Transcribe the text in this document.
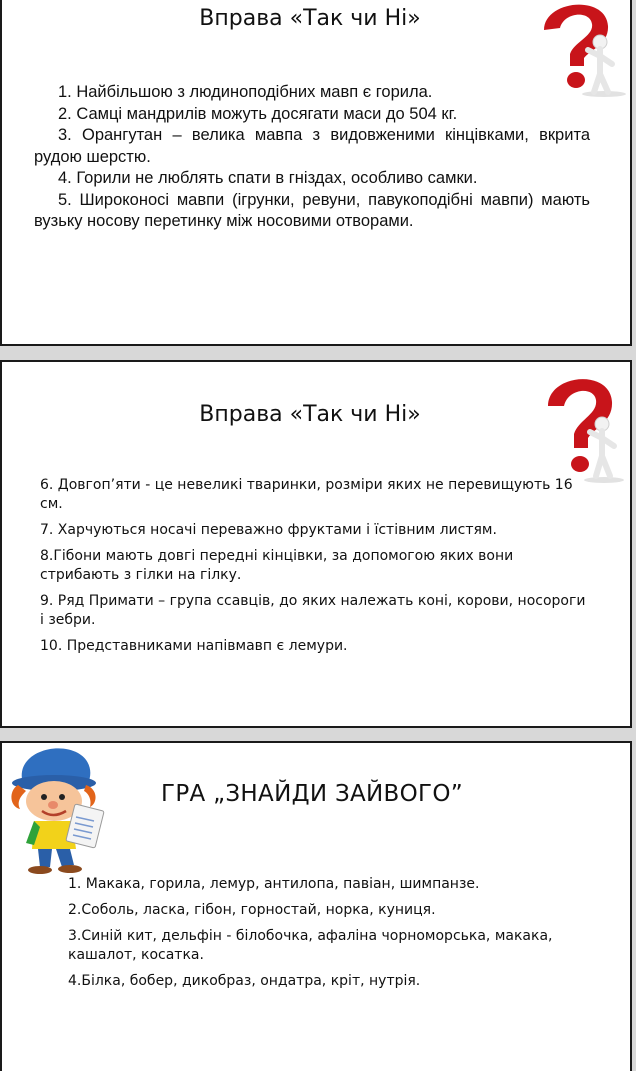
Вправа «Так чи Ні»

1. Найбільшою з людиноподібних мавп є горила.

2. Самці мандрилів можуть досягати маси до 504 кг.

3. Орангутан – велика мавпа з видовженими кінцівками, вкрита рудою шерстю.

4. Горили не люблять спати в гніздах, особливо самки.

5. Широконосі мавпи (ігрунки, ревуни, павукоподібні мавпи) мають вузьку носову перетинку між носовими отворами.

Вправа «Так чи Ні»

6. Довгоп’яти - це невеликі тваринки, розміри яких не перевищують 16 см.

7. Харчуються носачі переважно фруктами і їстівним листям.

8.Гібони мають довгі передні кінцівки, за допомогою яких вони стрибають з гілки на гілку.

9. Ряд Примати – група ссавців, до яких належать коні, корови, носороги і зебри.

10. Представниками напівмавп є лемури.

ГРА „ЗНАЙДИ ЗАЙВОГО”

1. Макака, горила, лемур, антилопа, павіан, шимпанзе.

2.Соболь, ласка, гібон, горностай, норка, куниця.

3.Синій кит, дельфін - білобочка, афаліна чорноморська, макака, кашалот, косатка.

4.Білка, бобер, дикобраз, ондатра, кріт, нутрія.
